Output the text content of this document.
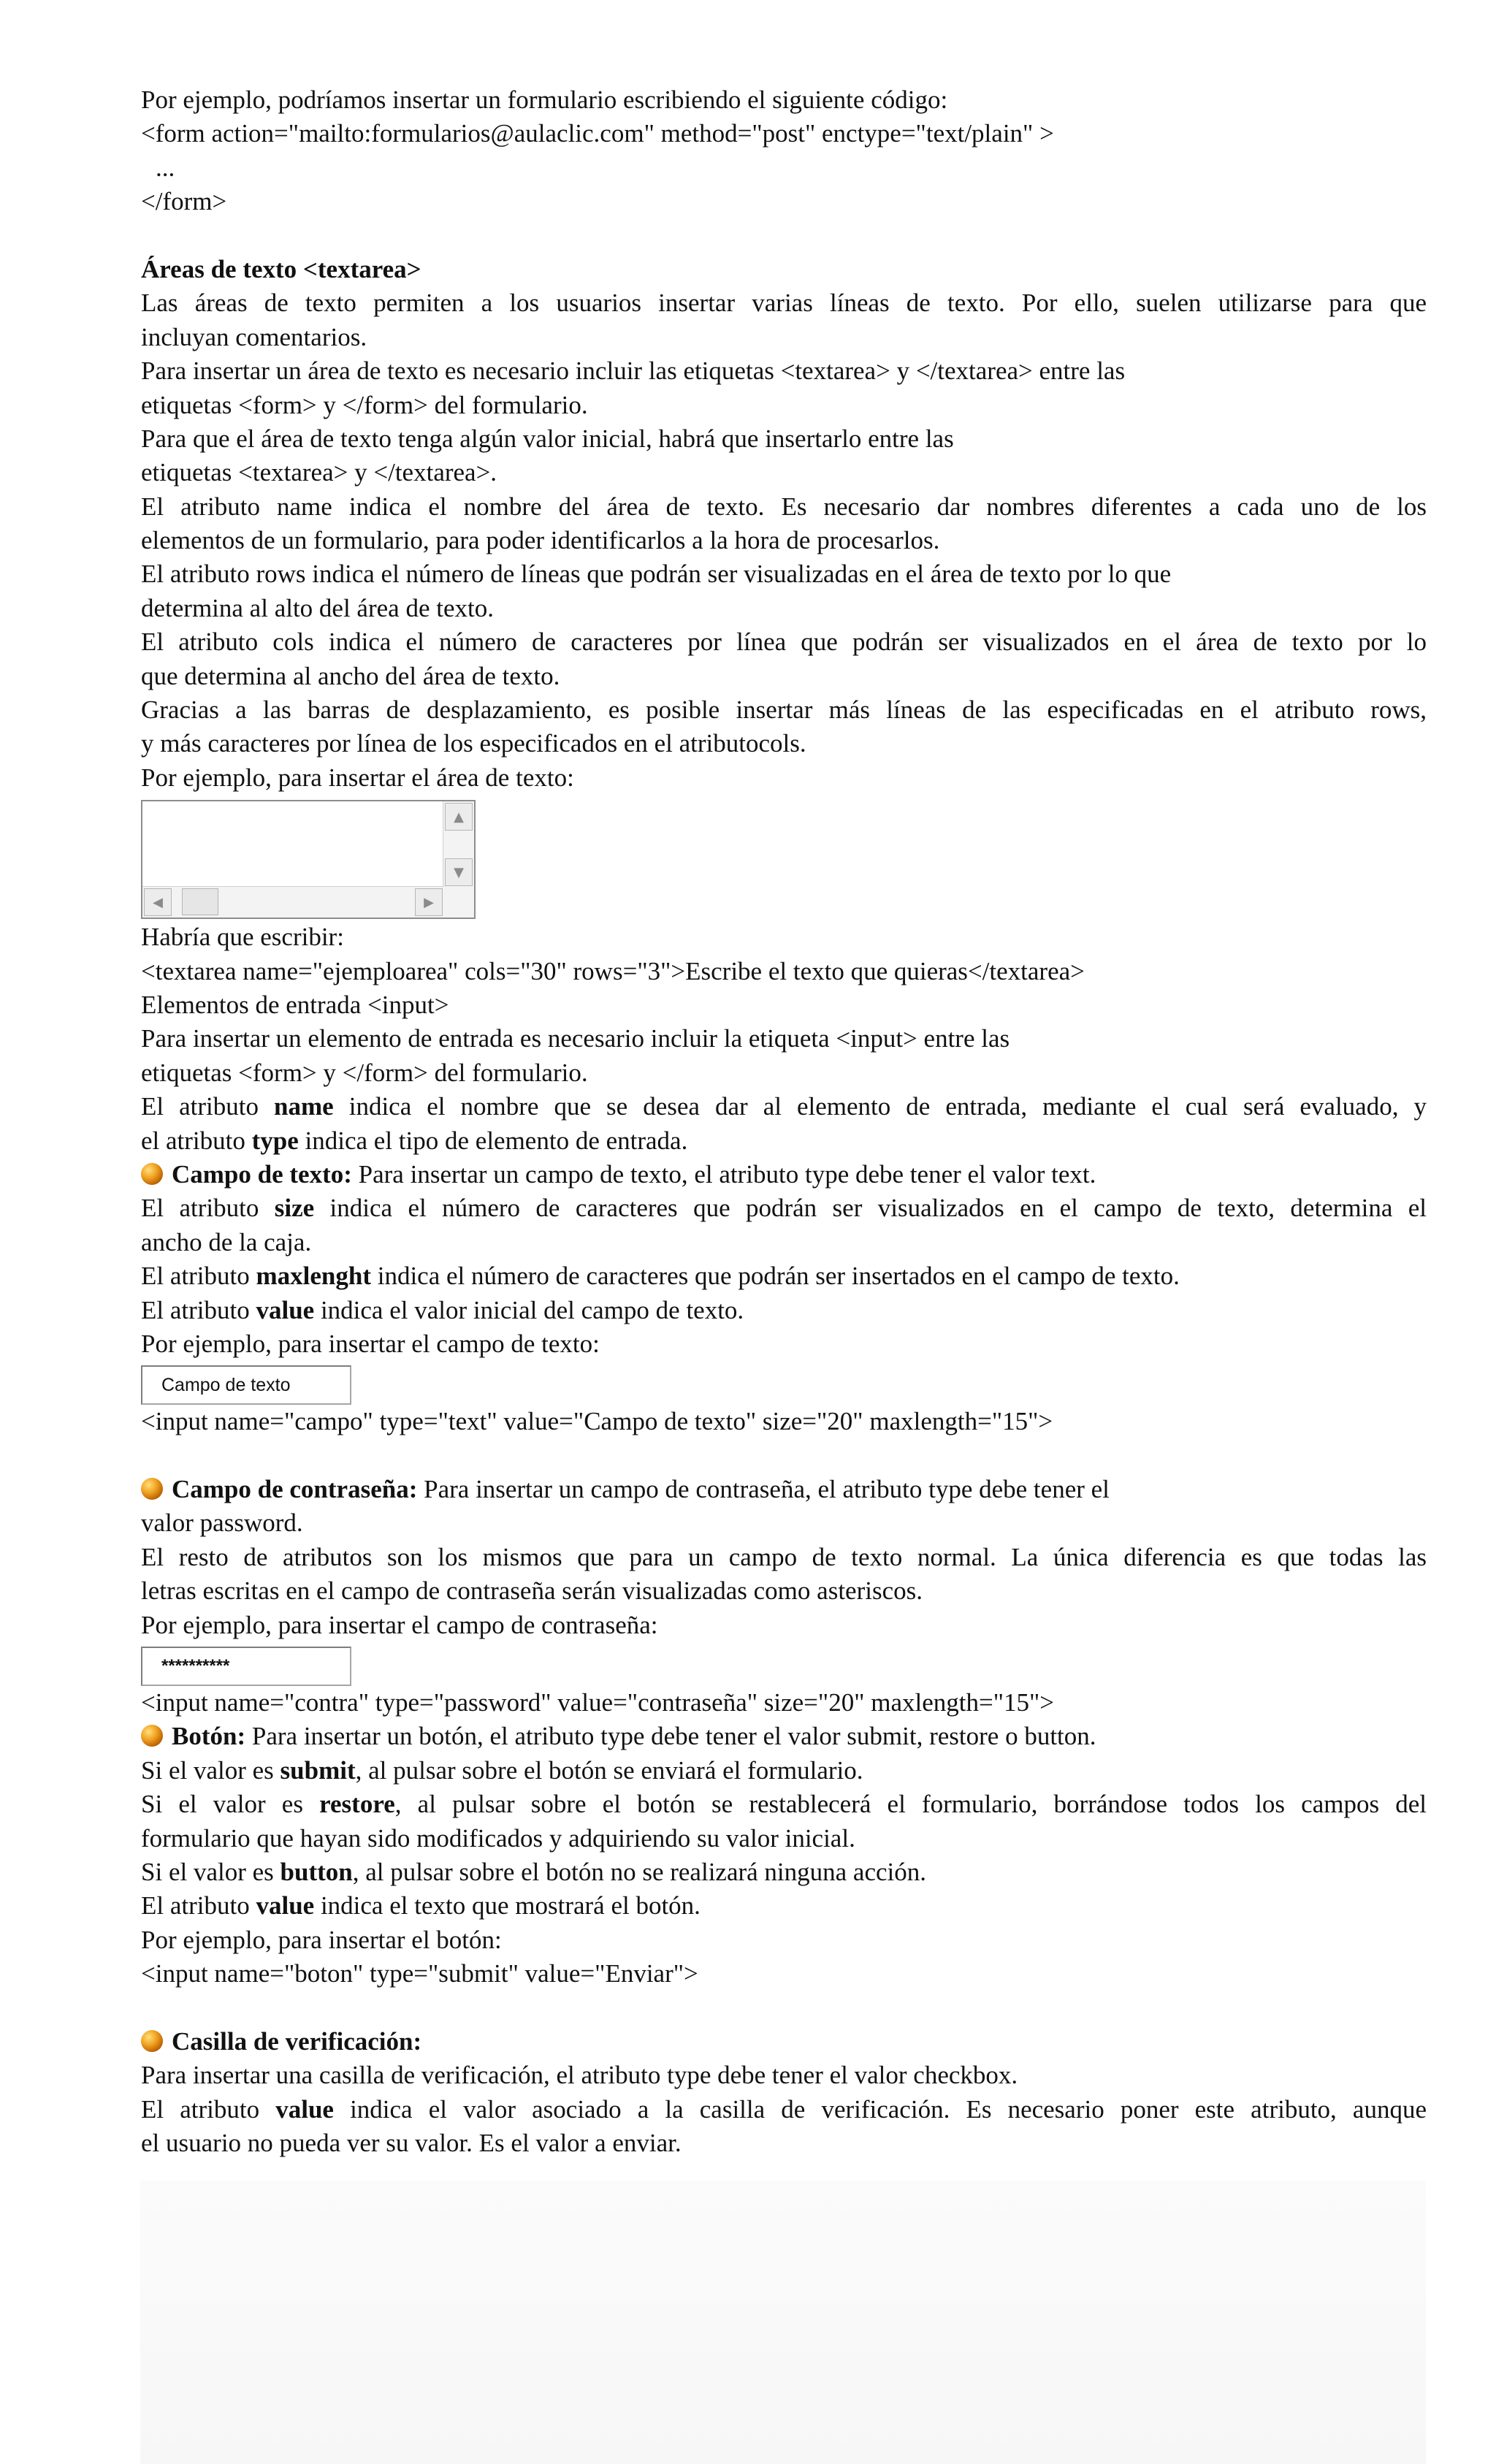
Por ejemplo, podríamos insertar un formulario escribiendo el siguiente código:
<form action="mailto:formularios@aulaclic.com" method="post" enctype="text/plain" >
...
</form>
Áreas de texto <textarea>
Las áreas de texto permiten a los usuarios insertar varias líneas de texto. Por ello, suelen utilizarse para que
incluyan comentarios.
Para insertar un área de texto es necesario incluir las etiquetas <textarea> y </textarea> entre las
etiquetas <form> y </form> del formulario.
Para que el área de texto tenga algún valor inicial, habrá que insertarlo entre las
etiquetas <textarea> y </textarea>.
El atributo name indica el nombre del área de texto. Es necesario dar nombres diferentes a cada uno de los
elementos de un formulario, para poder identificarlos a la hora de procesarlos.
El atributo rows indica el número de líneas que podrán ser visualizadas en el área de texto por lo que
determina al alto del área de texto.
El atributo cols indica el número de caracteres por línea que podrán ser visualizados en el área de texto por lo
que determina al ancho del área de texto.
Gracias a las barras de desplazamiento, es posible insertar más líneas de las especificadas en el atributo rows,
y más caracteres por línea de los especificados en el atributocols.
Por ejemplo, para insertar el área de texto:
▲
▼
◀	▶
Habría que escribir:
<textarea name="ejemploarea" cols="30" rows="3">Escribe el texto que quieras</textarea>
Elementos de entrada <input>
Para insertar un elemento de entrada es necesario incluir la etiqueta <input> entre las
etiquetas <form> y </form> del formulario.
El atributo name indica el nombre que se desea dar al elemento de entrada, mediante el cual será evaluado, y
el atributo type indica el tipo de elemento de entrada.
Campo de texto: Para insertar un campo de texto, el atributo type debe tener el valor text.
El atributo size indica el número de caracteres que podrán ser visualizados en el campo de texto, determina el
ancho de la caja.
El atributo maxlenght indica el número de caracteres que podrán ser insertados en el campo de texto.
El atributo value indica el valor inicial del campo de texto.
Por ejemplo, para insertar el campo de texto:
Campo de texto
<input name="campo" type="text" value="Campo de texto" size="20" maxlength="15">
Campo de contraseña: Para insertar un campo de contraseña, el atributo type debe tener el
valor password.
El resto de atributos son los mismos que para un campo de texto normal. La única diferencia es que todas las
letras escritas en el campo de contraseña serán visualizadas como asteriscos.
Por ejemplo, para insertar el campo de contraseña:
**********
<input name="contra" type="password" value="contraseña" size="20" maxlength="15">
Botón: Para insertar un botón, el atributo type debe tener el valor submit, restore o button.
Si el valor es submit, al pulsar sobre el botón se enviará el formulario.
Si el valor es restore, al pulsar sobre el botón se restablecerá el formulario, borrándose todos los campos del
formulario que hayan sido modificados y adquiriendo su valor inicial.
Si el valor es button, al pulsar sobre el botón no se realizará ninguna acción.
El atributo value indica el texto que mostrará el botón.
Por ejemplo, para insertar el botón:
<input name="boton" type="submit" value="Enviar">
Casilla de verificación:
Para insertar una casilla de verificación, el atributo type debe tener el valor checkbox.
El atributo value indica el valor asociado a la casilla de verificación. Es necesario poner este atributo, aunque
el usuario no pueda ver su valor. Es el valor a enviar.
